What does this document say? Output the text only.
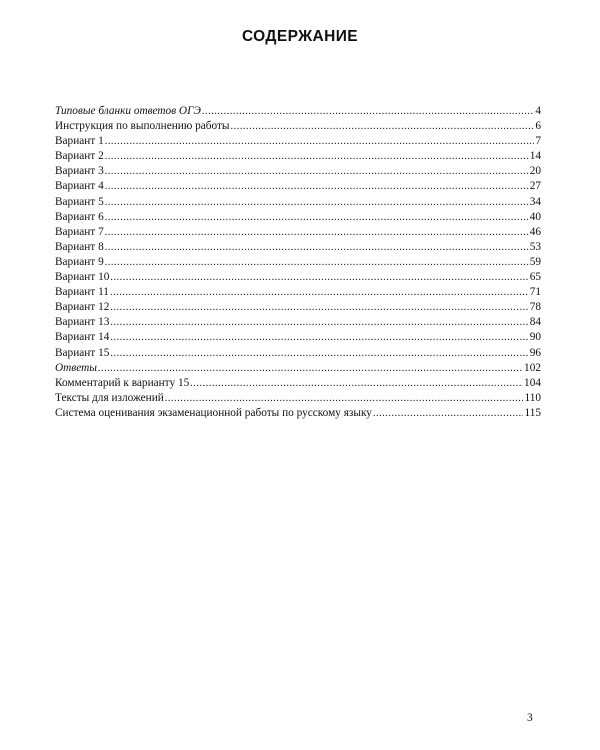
СОДЕРЖАНИЕ
Типовые бланки ответов ОГЭ .....	4
Инструкция по выполнению работы .....	6
Вариант 1 .....	7
Вариант 2 .....	14
Вариант 3 .....	20
Вариант 4 .....	27
Вариант 5 .....	34
Вариант 6 .....	40
Вариант 7 .....	46
Вариант 8 .....	53
Вариант 9 .....	59
Вариант 10 .....	65
Вариант 11 .....	71
Вариант 12 .....	78
Вариант 13 .....	84
Вариант 14 .....	90
Вариант 15 .....	96
Ответы .....	102
Комментарий к варианту 15 .....	104
Тексты для изложений .....	110
Система оценивания экзаменационной работы по русскому языку .....	115
3
